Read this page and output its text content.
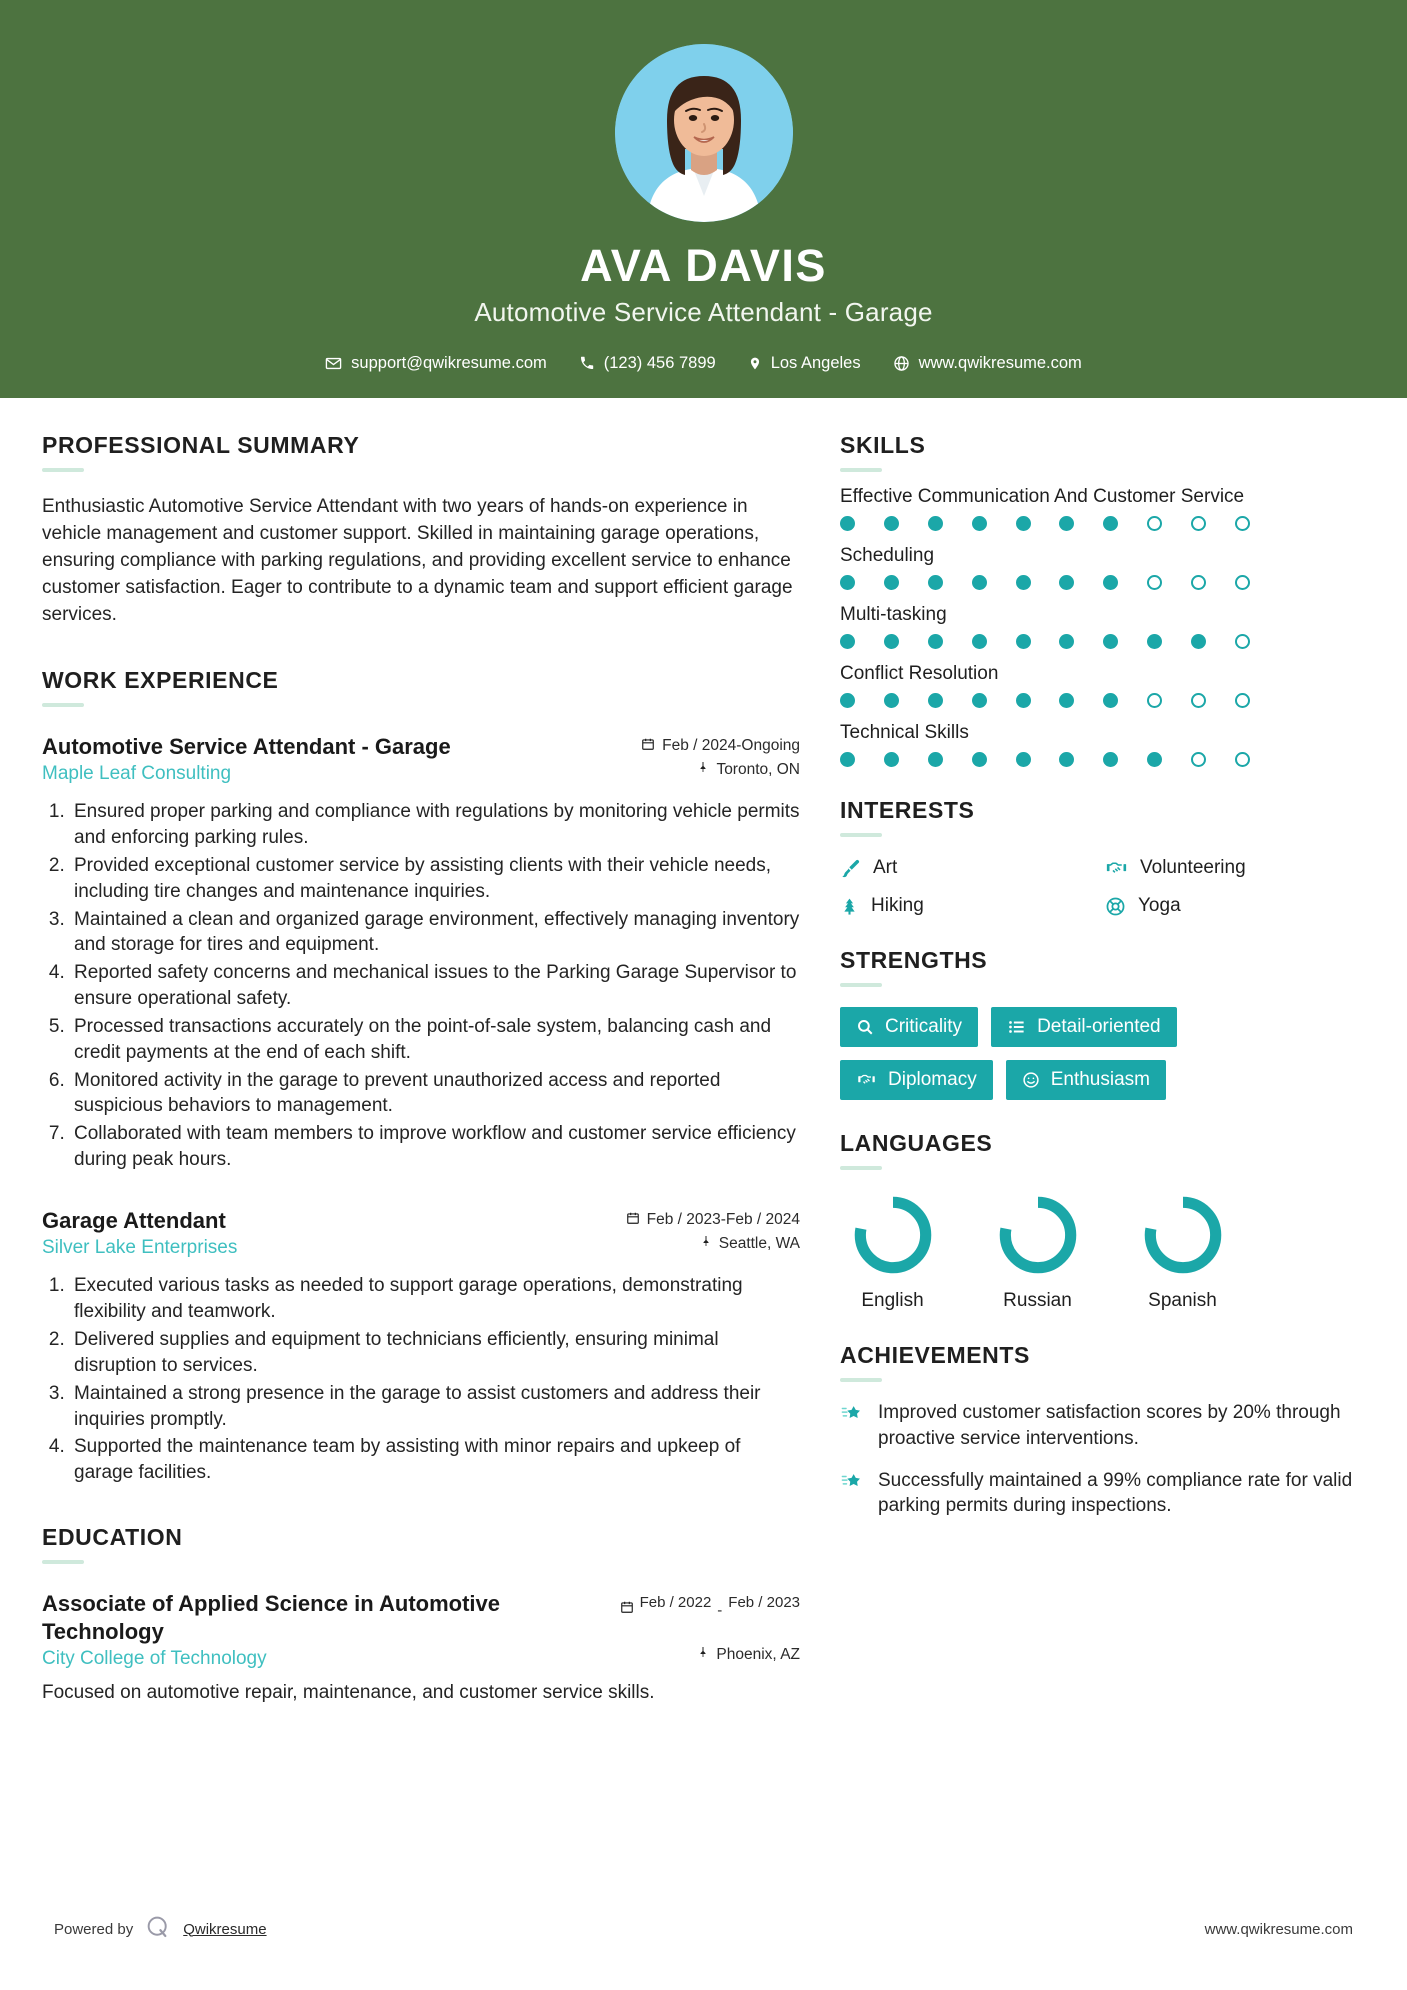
AVA DAVIS
Automotive Service Attendant - Garage
support@qwikresume.com	(123) 456 7899	Los Angeles	www.qwikresume.com
PROFESSIONAL SUMMARY

Enthusiastic Automotive Service Attendant with two years of hands-on experience in vehicle management and customer support. Skilled in maintaining garage operations, ensuring compliance with parking regulations, and providing excellent service to enhance customer satisfaction. Eager to contribute to a dynamic team and support efficient garage services.

WORK EXPERIENCE
Automotive Service Attendant - Garage	Feb / 2024-Ongoing
Maple Leaf Consulting	Toronto, ON
1. Ensured proper parking and compliance with regulations by monitoring vehicle permits and enforcing parking rules.
2. Provided exceptional customer service by assisting clients with their vehicle needs, including tire changes and maintenance inquiries.
3. Maintained a clean and organized garage environment, effectively managing inventory and storage for tires and equipment.
4. Reported safety concerns and mechanical issues to the Parking Garage Supervisor to ensure operational safety.
5. Processed transactions accurately on the point-of-sale system, balancing cash and credit payments at the end of each shift.
6. Monitored activity in the garage to prevent unauthorized access and reported suspicious behaviors to management.
7. Collaborated with team members to improve workflow and customer service efficiency during peak hours.
Garage Attendant	Feb / 2023-Feb / 2024
Silver Lake Enterprises	Seattle, WA
1. Executed various tasks as needed to support garage operations, demonstrating flexibility and teamwork.
2. Delivered supplies and equipment to technicians efficiently, ensuring minimal disruption to services.
3. Maintained a strong presence in the garage to assist customers and address their inquiries promptly.
4. Supported the maintenance team by assisting with minor repairs and upkeep of garage facilities.
EDUCATION
Associate of Applied Science in Automotive Technology
Feb / 2022 - Feb / 2023
City College of Technology	Phoenix, AZ

Focused on automotive repair, maintenance, and customer service skills.

SKILLS
Effective Communication And Customer Service
Scheduling
Multi-tasking
Conflict Resolution
Technical Skills
INTERESTS
Art	Volunteering
Hiking	Yoga
STRENGTHS
Criticality	Detail-oriented
Diplomacy	Enthusiasm
LANGUAGES
English	Russian	Spanish
ACHIEVEMENTS
Improved customer satisfaction scores by 20% through proactive service interventions.
Successfully maintained a 99% compliance rate for valid parking permits during inspections.
Powered by	Qwikresume	www.qwikresume.com
